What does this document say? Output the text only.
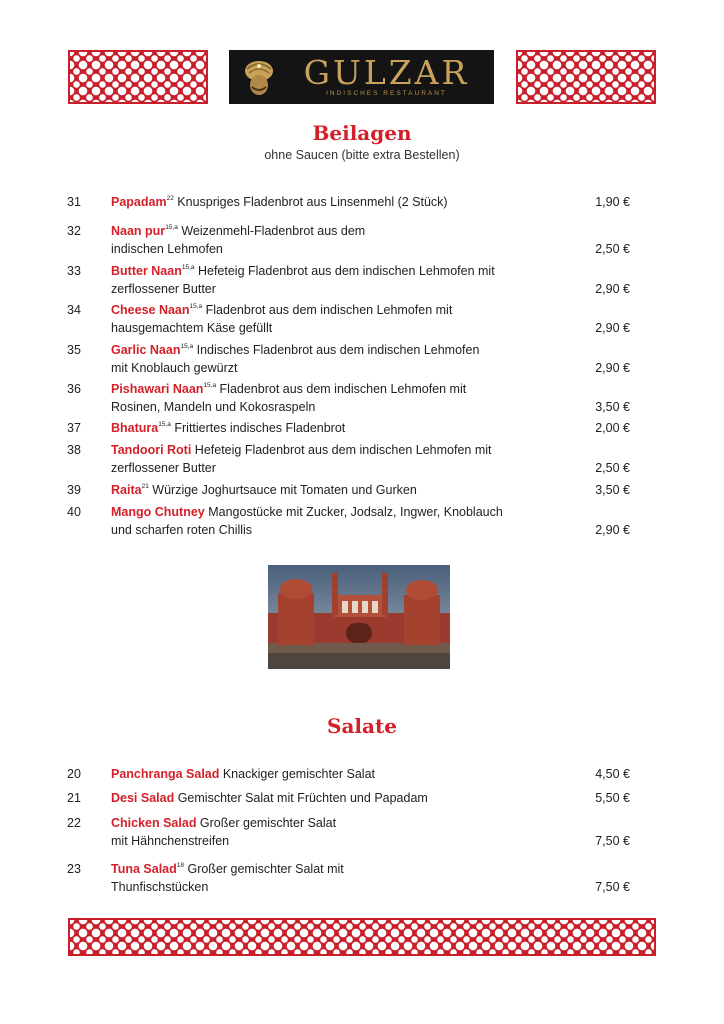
GULZAR
INDISCHES RESTAURANT
Beilagen
ohne Saucen (bitte extra Bestellen)
31 Papadam$^{22}$ Knuspriges Fladenbrot aus Linsenmehl (2 Stück)	1,90 €
32 Naan pur$^{15,a}$ Weizenmehl-Fladenbrot aus dem
indischen Lehmofen	2,50 €
33 Butter Naan$^{15,a}$ Hefeteig Fladenbrot aus dem indischen Lehmofen mit
zerflossener Butter	2,90 €
34 Cheese Naan$^{15,a}$ Fladenbrot aus dem indischen Lehmofen mit
hausgemachtem Käse gefüllt	2,90 €
35 Garlic Naan$^{15,a}$ Indisches Fladenbrot aus dem indischen Lehmofen
mit Knoblauch gewürzt	2,90 €
36 Pishawari Naan$^{15,a}$ Fladenbrot aus dem indischen Lehmofen mit
Rosinen, Mandeln und Kokosraspeln	3,50 €
37 Bhatura$^{15,a}$ Frittiertes indisches Fladenbrot	2,00 €
38 Tandoori Roti Hefeteig Fladenbrot aus dem indischen Lehmofen mit
zerflossener Butter	2,50 €
39 Raita$^{21}$ Würzige Joghurtsauce mit Tomaten und Gurken	3,50 €
40 Mango Chutney Mangostücke mit Zucker, Jodsalz, Ingwer, Knoblauch
und scharfen roten Chillis	2,90 €
Salate
20 Panchranga Salad Knackiger gemischter Salat	4,50 €
21 Desi Salad Gemischter Salat mit Früchten und Papadam	5,50 €
22 Chicken Salad Großer gemischter Salat
mit Hähnchenstreifen	7,50 €
23 Tuna Salad$^{18}$ Großer gemischter Salat mit
Thunfischstücken	7,50 €
